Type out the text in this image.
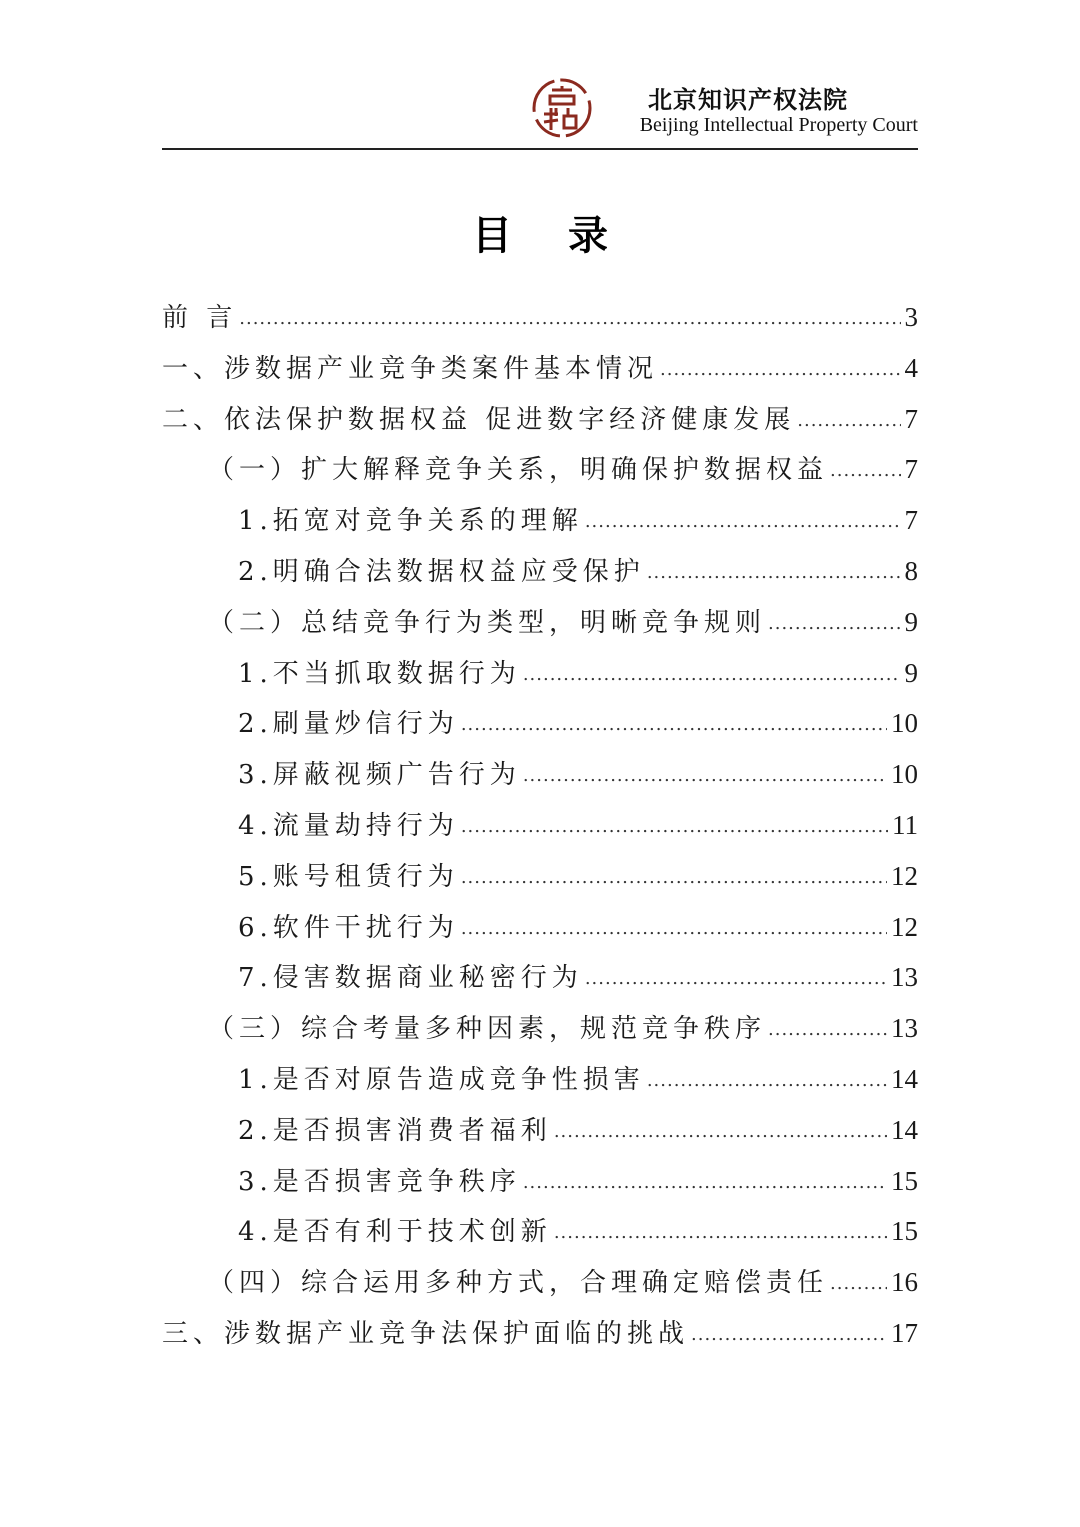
北京知识产权法院
Beijing Intellectual Property Court
目录
前 言 .....	3
一、涉数据产业竞争类案件基本情况 .....	4
二、依法保护数据权益 促进数字经济健康发展 .....	7
（一）扩大解释竞争关系，明确保护数据权益 .....	7
1.拓宽对竞争关系的理解 .....	7
2.明确合法数据权益应受保护 .....	8
（二）总结竞争行为类型，明晰竞争规则 .....	9
1.不当抓取数据行为 .....	9
2.刷量炒信行为 .....	10
3.屏蔽视频广告行为 .....	10
4.流量劫持行为 .....	11
5.账号租赁行为 .....	12
6.软件干扰行为 .....	12
7.侵害数据商业秘密行为 .....	13
（三）综合考量多种因素，规范竞争秩序 .....	13
1.是否对原告造成竞争性损害 .....	14
2.是否损害消费者福利 .....	14
3.是否损害竞争秩序 .....	15
4.是否有利于技术创新 .....	15
（四）综合运用多种方式，合理确定赔偿责任 ..... 16
三、涉数据产业竞争法保护面临的挑战 .....	17
